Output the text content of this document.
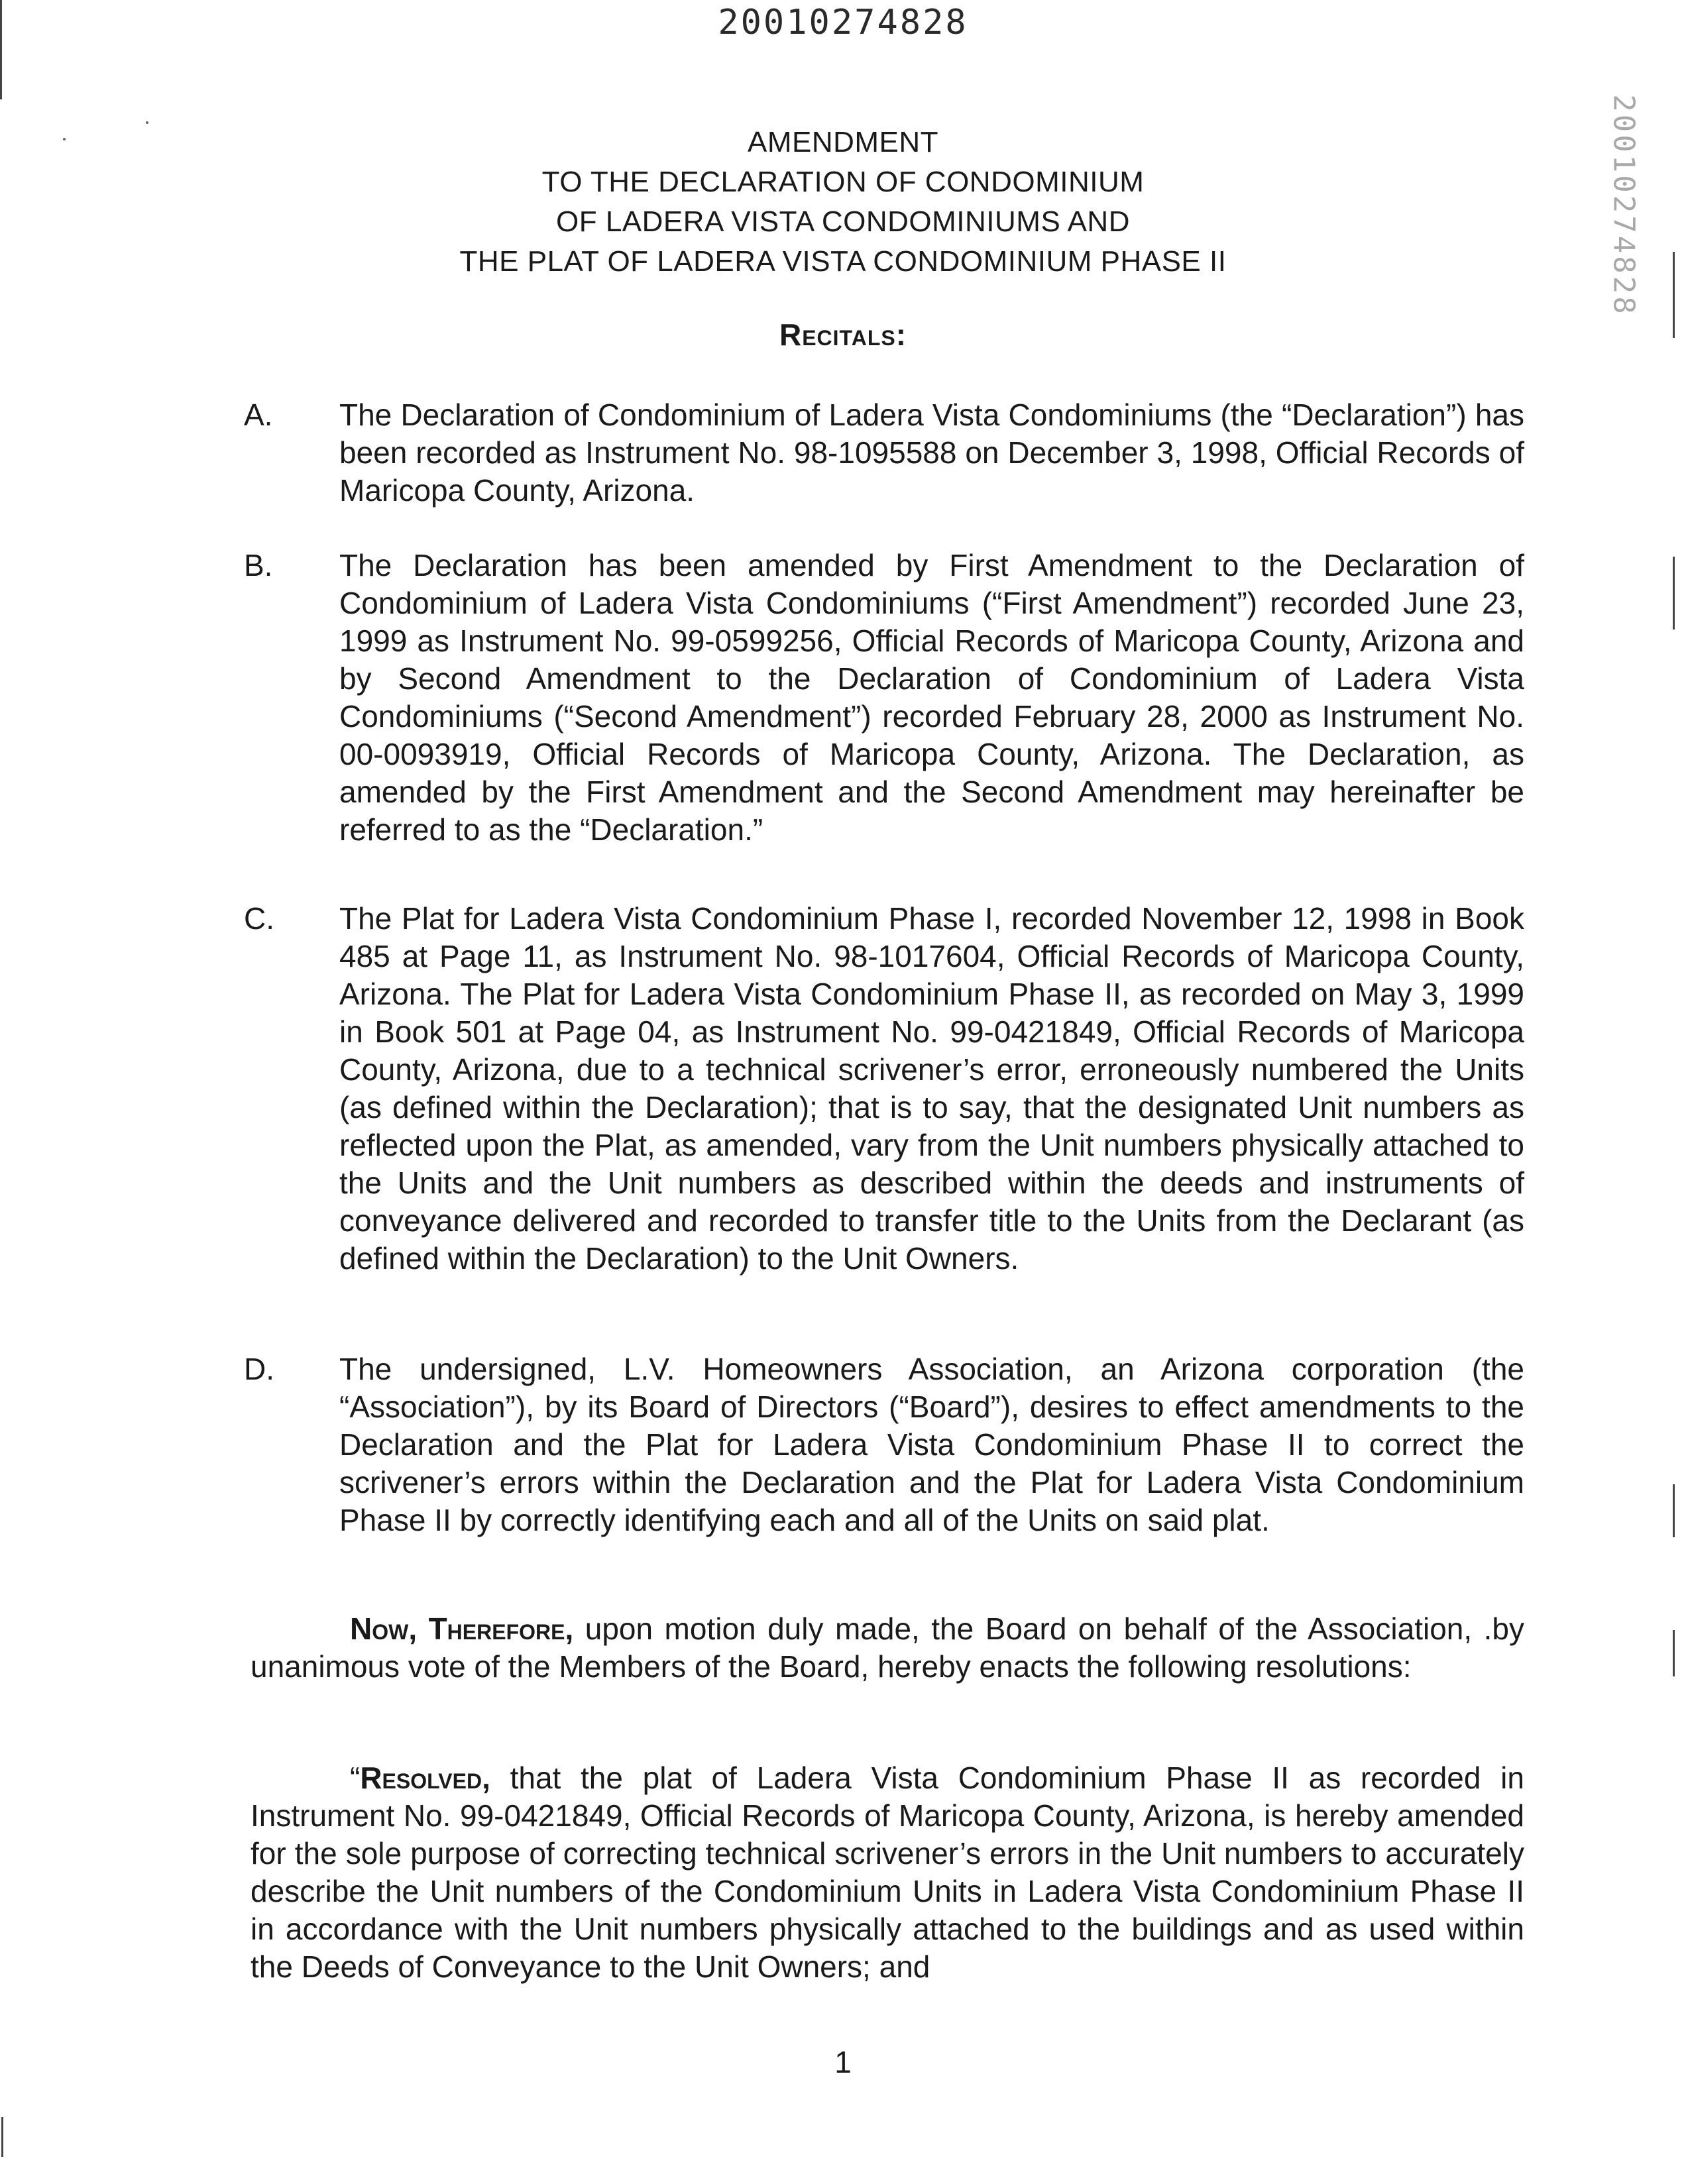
20010274828
20010274828
AMENDMENT
TO THE DECLARATION OF CONDOMINIUM
OF LADERA VISTA CONDOMINIUMS AND
THE PLAT OF LADERA VISTA CONDOMINIUM PHASE II
Recitals:
A. The Declaration of Condominium of Ladera Vista Condominiums (the “Declaration”) has been recorded as Instrument No. 98-1095588 on December 3, 1998, Official Records of Maricopa County, Arizona.
B. The Declaration has been amended by First Amendment to the Declaration of Condominium of Ladera Vista Condominiums (“First Amendment”) recorded June 23, 1999 as Instrument No. 99-0599256, Official Records of Maricopa County, Arizona and by Second Amendment to the Declaration of Condominium of Ladera Vista Condominiums (“Second Amendment”) recorded February 28, 2000 as Instrument No. 00-0093919, Official Records of Maricopa County, Arizona. The Declaration, as amended by the First Amendment and the Second Amendment may hereinafter be referred to as the “Declaration.”
C. The Plat for Ladera Vista Condominium Phase I, recorded November 12, 1998 in Book 485 at Page 11, as Instrument No. 98-1017604, Official Records of Maricopa County, Arizona. The Plat for Ladera Vista Condominium Phase II, as recorded on May 3, 1999 in Book 501 at Page 04, as Instrument No. 99-0421849, Official Records of Maricopa County, Arizona, due to a technical scrivener’s error, erroneously numbered the Units (as defined within the Declaration); that is to say, that the designated Unit numbers as reflected upon the Plat, as amended, vary from the Unit numbers physically attached to the Units and the Unit numbers as described within the deeds and instruments of conveyance delivered and recorded to transfer title to the Units from the Declarant (as defined within the Declaration) to the Unit Owners.
D. The undersigned, L.V. Homeowners Association, an Arizona corporation (the “Association”), by its Board of Directors (“Board”), desires to effect amendments to the Declaration and the Plat for Ladera Vista Condominium Phase II to correct the scrivener’s errors within the Declaration and the Plat for Ladera Vista Condominium Phase II by correctly identifying each and all of the Units on said plat.
Now, Therefore, upon motion duly made, the Board on behalf of the Association, .by unanimous vote of the Members of the Board, hereby enacts the following resolutions:
“Resolved, that the plat of Ladera Vista Condominium Phase II as recorded in Instrument No. 99-0421849, Official Records of Maricopa County, Arizona, is hereby amended for the sole purpose of correcting technical scrivener’s errors in the Unit numbers to accurately describe the Unit numbers of the Condominium Units in Ladera Vista Condominium Phase II in accordance with the Unit numbers physically attached to the buildings and as used within the Deeds of Conveyance to the Unit Owners; and
1
